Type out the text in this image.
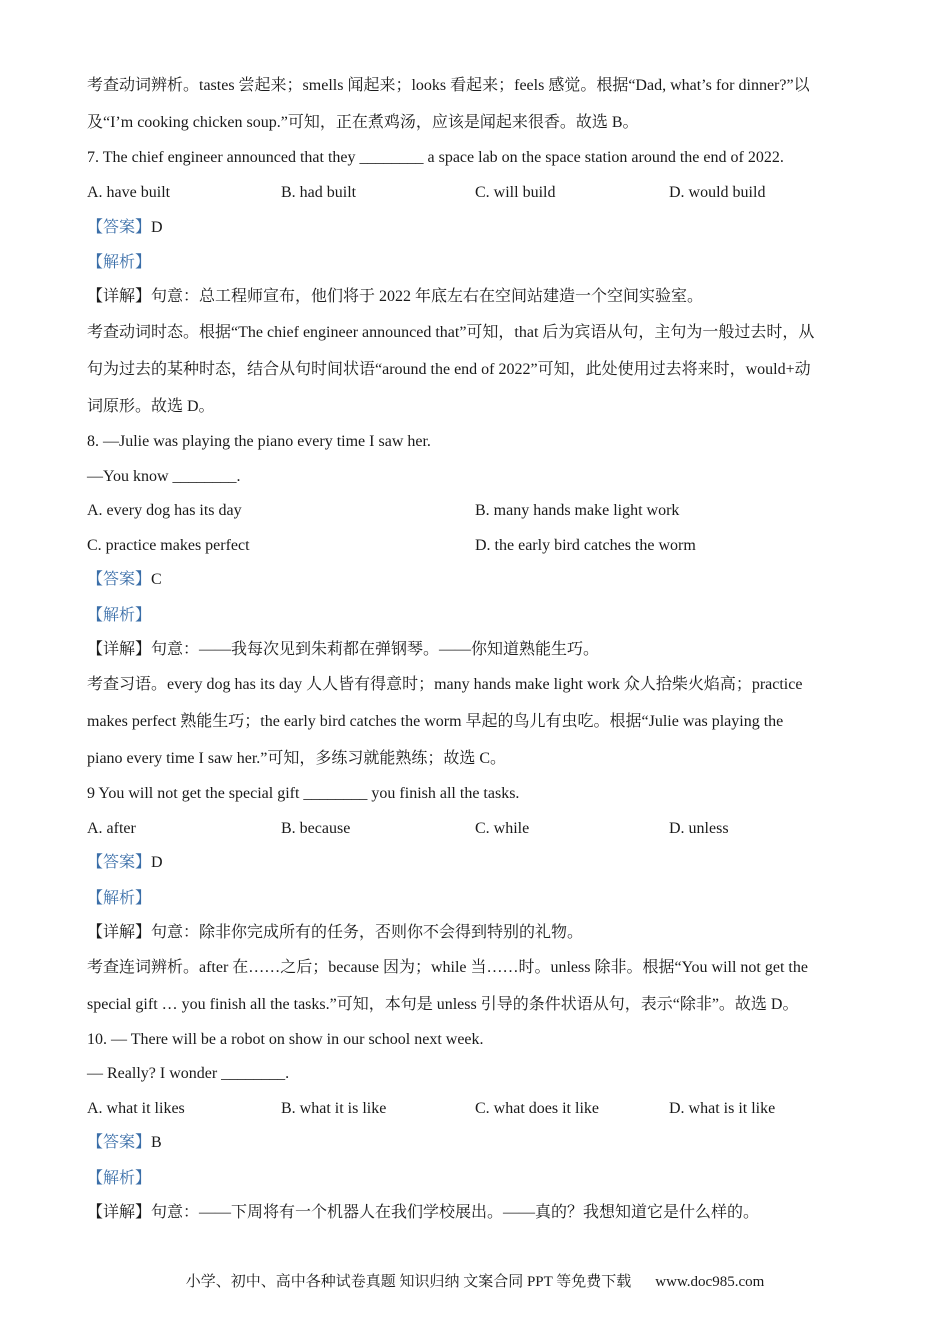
考查动词辨析。tastes 尝起来；smells 闻起来；looks 看起来；feels 感觉。根据“Dad, what’s for dinner?”以
及“I’m cooking chicken soup.”可知，正在煮鸡汤，应该是闻起来很香。故选 B。
7. The chief engineer announced that they ________ a space lab on the space station around the end of 2022.
A. have built	B. had built	C. will build	D. would build
【答案】D
【解析】
【详解】句意：总工程师宣布，他们将于 2022 年底左右在空间站建造一个空间实验室。
考查动词时态。根据“The chief engineer announced that”可知，that 后为宾语从句，主句为一般过去时，从
句为过去的某种时态，结合从句时间状语“around the end of 2022”可知，此处使用过去将来时，would+动
词原形。故选 D。
8. —Julie was playing the piano every time I saw her.
—You know ________.
A. every dog has its day	B. many hands make light work
C. practice makes perfect	D. the early bird catches the worm
【答案】C
【解析】
【详解】句意：——我每次见到朱莉都在弹钢琴。——你知道熟能生巧。
考查习语。every dog has its day 人人皆有得意时；many hands make light work 众人拾柴火焰高；practice
makes perfect 熟能生巧；the early bird catches the worm 早起的鸟儿有虫吃。根据“Julie was playing the
piano every time I saw her.”可知，多练习就能熟练；故选 C。
9 You will not get the special gift ________ you finish all the tasks.
A. after	B. because	C. while	D. unless
【答案】D
【解析】
【详解】句意：除非你完成所有的任务，否则你不会得到特别的礼物。
考查连词辨析。after 在……之后；because 因为；while 当……时。unless 除非。根据“You will not get the
special gift … you finish all the tasks.”可知，本句是 unless 引导的条件状语从句，表示“除非”。故选 D。
10. — There will be a robot on show in our school next week.
— Really? I wonder ________.
A. what it likes	B. what it is like	C. what does it like	D. what is it like
【答案】B
【解析】
【详解】句意：——下周将有一个机器人在我们学校展出。——真的？我想知道它是什么样的。
小学、初中、高中各种试卷真题 知识归纳 文案合同 PPT 等免费下载 www.doc985.com
